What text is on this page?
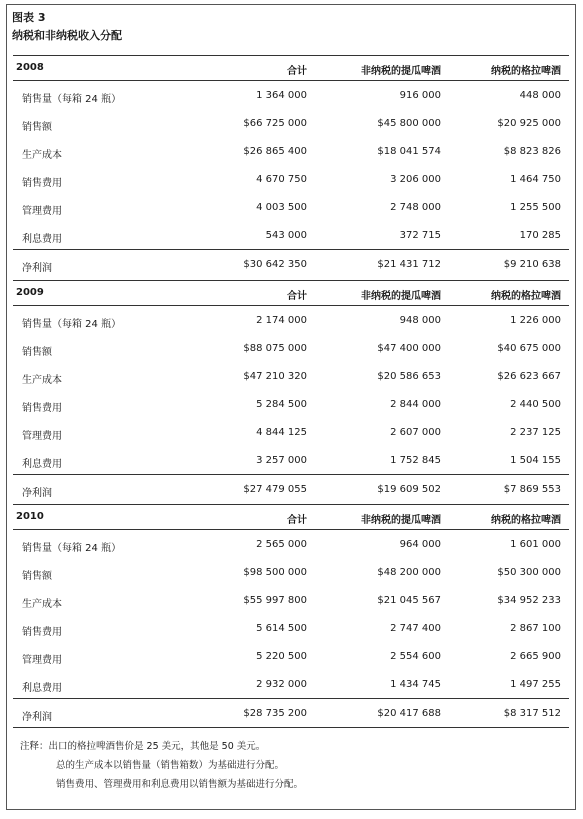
图表 3
纳税和非纳税收入分配
2008	合计	非纳税的提瓜啤酒	纳税的格拉啤酒
销售量（每箱 24 瓶）	1 364 000	916 000	448 000
销售额	$66 725 000	$45 800 000	$20 925 000
生产成本	$26 865 400	$18 041 574	$8 823 826
销售费用	4 670 750	3 206 000	1 464 750
管理费用	4 003 500	2 748 000	1 255 500
利息费用	543 000	372 715	170 285
净利润	$30 642 350	$21 431 712	$9 210 638
2009	合计	非纳税的提瓜啤酒	纳税的格拉啤酒
销售量（每箱 24 瓶）	2 174 000	948 000	1 226 000
销售额	$88 075 000	$47 400 000	$40 675 000
生产成本	$47 210 320	$20 586 653	$26 623 667
销售费用	5 284 500	2 844 000	2 440 500
管理费用	4 844 125	2 607 000	2 237 125
利息费用	3 257 000	1 752 845	1 504 155
净利润	$27 479 055	$19 609 502	$7 869 553
2010	合计	非纳税的提瓜啤酒	纳税的格拉啤酒
销售量（每箱 24 瓶）	2 565 000	964 000	1 601 000
销售额	$98 500 000	$48 200 000	$50 300 000
生产成本	$55 997 800	$21 045 567	$34 952 233
销售费用	5 614 500	2 747 400	2 867 100
管理费用	5 220 500	2 554 600	2 665 900
利息费用	2 932 000	1 434 745	1 497 255
净利润	$28 735 200	$20 417 688	$8 317 512
注释：出口的格拉啤酒售价是 25 美元，其他是 50 美元。
总的生产成本以销售量（销售箱数）为基础进行分配。
销售费用、管理费用和利息费用以销售额为基础进行分配。
